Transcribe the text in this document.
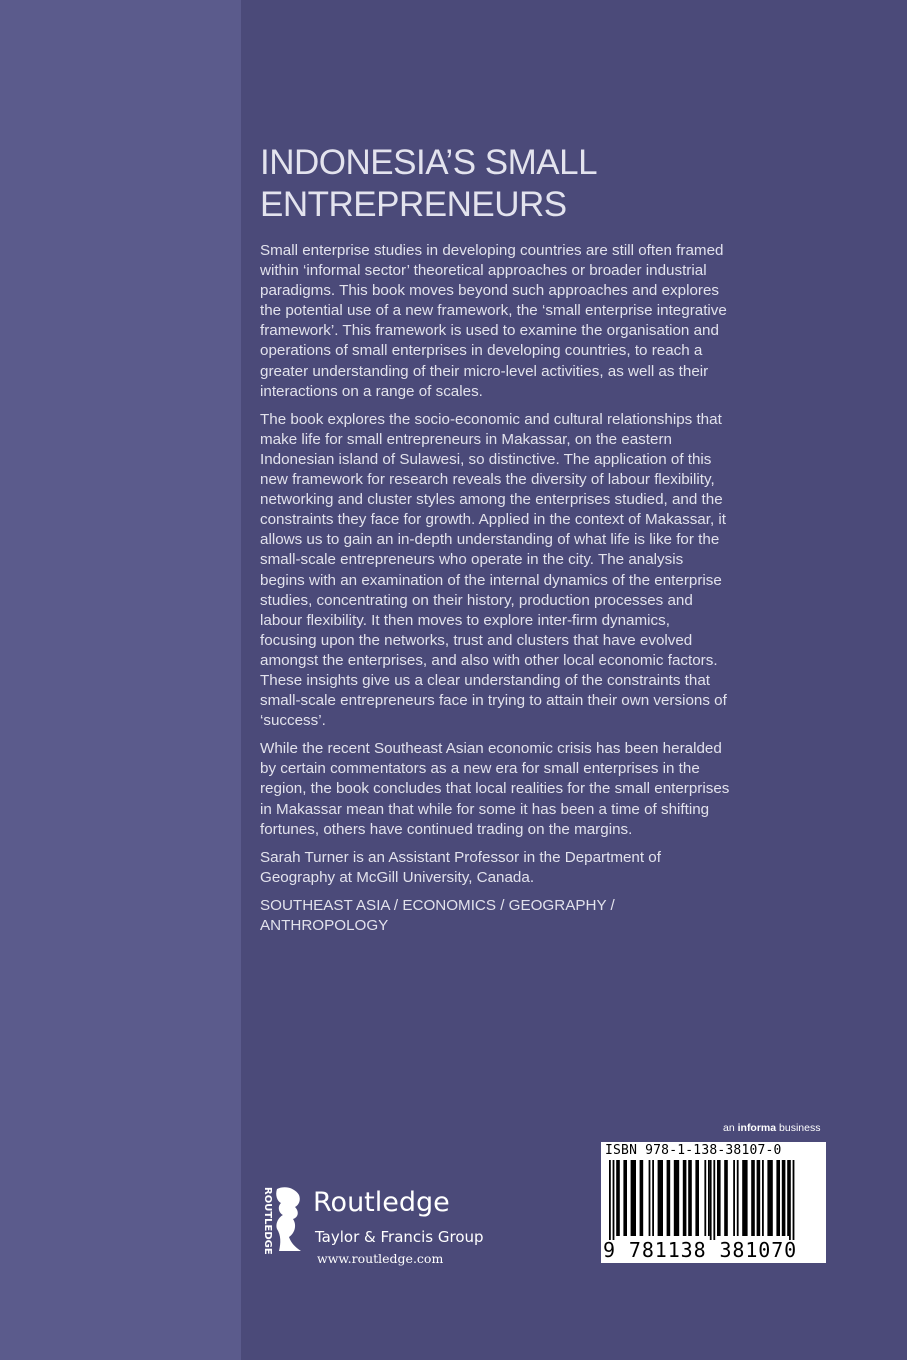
INDONESIA’S SMALL
ENTREPRENEURS

Small enterprise studies in developing countries are still often framed within ‘informal sector’ theoretical approaches or broader industrial paradigms. This book moves beyond such approaches and explores the potential use of a new framework, the ‘small enterprise integrative framework’. This framework is used to examine the organisation and operations of small enterprises in developing countries, to reach a greater understanding of their micro-level activities, as well as their interactions on a range of scales.

The book explores the socio-economic and cultural relationships that make life for small entrepreneurs in Makassar, on the eastern Indonesian island of Sulawesi, so distinctive. The application of this new framework for research reveals the diversity of labour flexibility, networking and cluster styles among the enterprises studied, and the constraints they face for growth. Applied in the context of Makassar, it allows us to gain an in-depth understanding of what life is like for the small-scale entrepreneurs who operate in the city. The analysis begins with an examination of the internal dynamics of the enterprise studies, concentrating on their history, production processes and labour flexibility. It then moves to explore inter-firm dynamics, focusing upon the networks, trust and clusters that have evolved amongst the enterprises, and also with other local economic factors. These insights give us a clear understanding of the constraints that small-scale entrepreneurs face in trying to attain their own versions of ‘success’.

While the recent Southeast Asian economic crisis has been heralded by certain commentators as a new era for small enterprises in the region, the book concludes that local realities for the small enterprises in Makassar mean that while for some it has been a time of shifting fortunes, others have continued trading on the margins.

Sarah Turner is an Assistant Professor in the Department of Geography at McGill University, Canada.

SOUTHEAST ASIA / ECONOMICS / GEOGRAPHY / ANTHROPOLOGY

an informa business
ISBN 978-1-138-38107-0
9 781138 381070
ROUTLEDGE Routledge
Taylor & Francis Group
www.routledge.com
